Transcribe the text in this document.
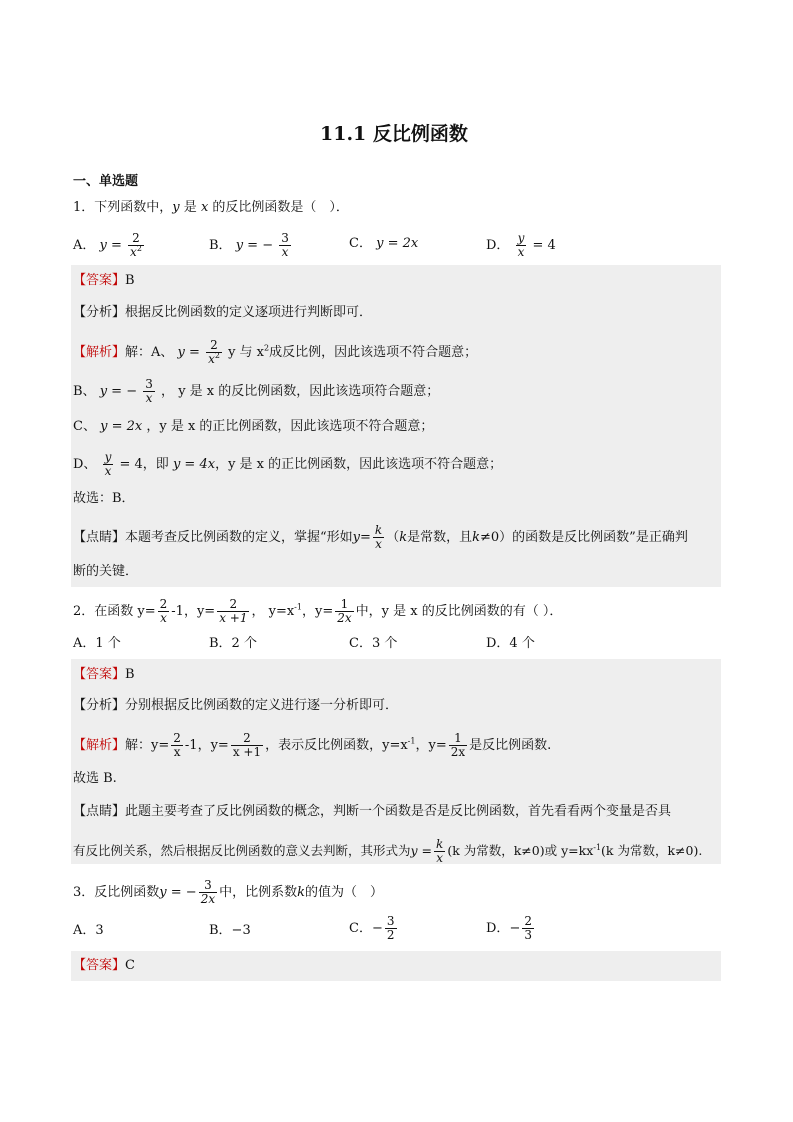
11.1 反比例函数
一、单选题
1．下列函数中，y 是 x 的反比例函数是（　）．
A． $y = \frac{2}{x^2}$	B． y = − $\frac{3}{x}$	C． y = 2x	D． $\frac{y}{x} = 4$
【答案】B
【分析】根据反比例函数的定义逐项进行判断即可．
【解析】解：A、 $y = \frac{2}{x^2}$ y 与 $x^2$成反比例，因此该选项不符合题意；
B、 y = − $\frac{3}{x}$ ， y 是 x 的反比例函数，因此该选项符合题意；
C、 y = 2x ，y 是 x 的正比例函数，因此该选项不符合题意；
D、 $\frac{y}{x} = 4$，即 y = 4x，y 是 x 的正比例函数，因此该选项不符合题意；
故选：B．
【点睛】本题考查反比例函数的定义，掌握“形如$y= \frac{k}{x} (k$是常数，且k≠0）的函数是反比例函数”是正确判
断的关键．
2．在函数 $y= \frac{2}{x} -1$，$y= \frac{2}{x +1}$ ， $y=x^{-1}$，$y= \frac{1}{2x}$ 中，y 是 x 的反比例函数的有（ ）．
A．1 个	B．2 个	C．3 个	D．4 个
【答案】B
【分析】分别根据反比例函数的定义进行逐一分析即可．
【解析】解：$y= \frac{2}{x} -1$，$y= \frac{2}{x +1}$ ，表示反比例函数，$y=x^{-1}$，$y= \frac{1}{2x}$ 是反比例函数.
故选 B.
【点睛】此题主要考查了反比例函数的概念，判断一个函数是否是反比例函数，首先看看两个变量是否具
有反比例关系，然后根据反比例函数的意义去判断，其形式为$y = \frac{k}{x} (k$ 为常数，k≠0)或 $y=kx^{-1}(k$ 为常数，k≠0).
3．反比例函数y = − $\frac{3}{2x}$ 中，比例系数k的值为（　）
A．3	B．−3	C．− $\frac{3}{2}$	D．− $\frac{2}{3}$
【答案】C
